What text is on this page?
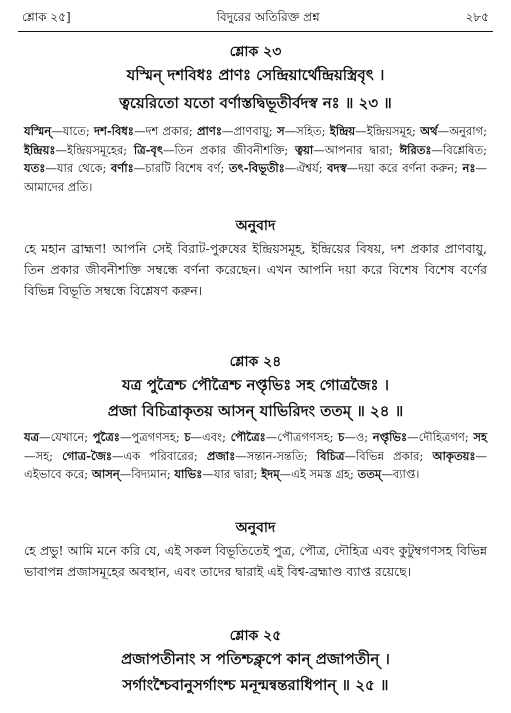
শ্লোক ২৫]	বিদুরের অতিরিক্ত প্রশ্ন	২৮৫
শ্লোক ২৩
যস্মিন্ দশবিধঃ প্রাণঃ সেন্দ্রিয়ার্থেন্দ্রিয়স্ত্রিবৃৎ ।
ত্বয়েরিতো যতো বর্ণাস্তদ্বিভূতীর্বদস্ব নঃ ॥ ২৩ ॥

যস্মিন্—যাতে; দশ-বিধঃ—দশ প্রকার; প্রাণঃ—প্রাণবায়ু; স—সহিত; ইন্দ্রিয়—ইন্দ্রিয়সমূহ; অর্থ—অনুরাগ; ইন্দ্রিয়ঃ—ইন্দ্রিয়সমূহের; ত্রি-বৃৎ—তিন প্রকার জীবনীশক্তি; ত্বয়া—আপনার দ্বারা; ঈরিতঃ—বিশ্লেষিত; যতঃ—যার থেকে; বর্ণাঃ—চারটি বিশেষ বর্ণ; তৎ-বিভূতীঃ—ঐশ্বর্য; বদস্ব—দয়া করে বর্ণনা করুন; নঃ—আমাদের প্রতি।

অনুবাদ

হে মহান ব্রাহ্মণ! আপনি সেই বিরাট-পুরুষের ইন্দ্রিয়সমূহ, ইন্দ্রিয়ের বিষয়, দশ প্রকার প্রাণবায়ু, তিন প্রকার জীবনীশক্তি সম্বন্ধে বর্ণনা করেছেন। এখন আপনি দয়া করে বিশেষ বিশেষ বর্ণের বিভিন্ন বিভূতি সম্বন্ধে বিশ্লেষণ করুন।

শ্লোক ২৪
যত্র পুত্রৈশ্চ পৌত্রৈশ্চ নপ্তৃভিঃ সহ গোত্রজৈঃ ।
প্রজা বিচিত্রাকৃতয় আসন্ যাভিরিদং ততম্ ॥ ২৪ ॥

যত্র—যেখানে; পুত্রৈঃ—পুত্রগণসহ; চ—এবং; পৌত্রৈঃ—পৌত্রগণসহ; চ—ও; নপ্তৃভিঃ—দৌহিত্রগণ; সহ—সহ; গোত্র-জৈঃ—এক পরিবারের; প্রজাঃ—সন্তান-সন্ততি; বিচিত্র—বিভিন্ন প্রকার; আকৃতয়ঃ—এইভাবে করে; আসন্—বিদ্যমান; যাভিঃ—যার দ্বারা; ইদম্—এই সমস্ত গ্রহ; ততম্—ব্যাপ্ত।

অনুবাদ

হে প্রভু! আমি মনে করি যে, এই সকল বিভূতিতেই পুত্র, পৌত্র, দৌহিত্র এবং কুটুম্বগণসহ বিভিন্ন ভাবাপন্ন প্রজাসমূহের অবস্থান, এবং তাদের দ্বারাই এই বিশ্ব-ব্রহ্মাণ্ড ব্যাপ্ত রয়েছে।

শ্লোক ২৫
প্রজাপতীনাং স পতিশ্চক্লৃপে কান্ প্রজাপতীন্ ।
সর্গাংশ্চৈবানুসর্গাংশ্চ মনূন্মন্বন্তরাধিপান্ ॥ ২৫ ॥
